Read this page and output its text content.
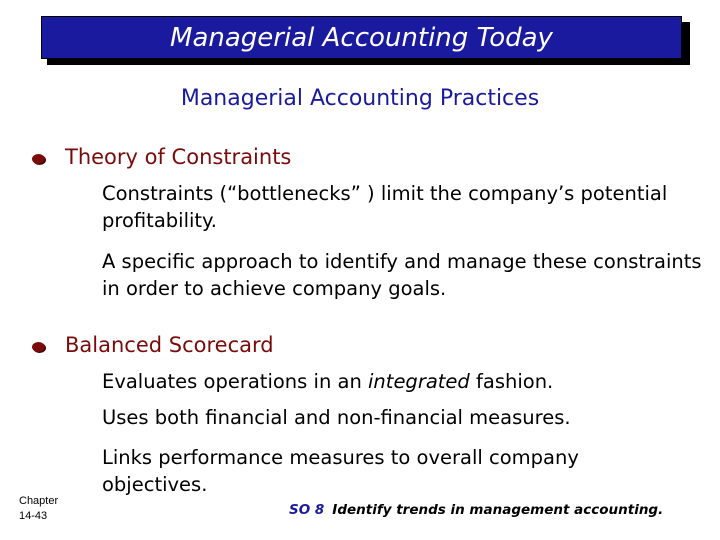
Managerial Accounting Today
Managerial Accounting Practices
Theory of Constraints

Constraints (“bottlenecks” ) limit the company’s potential profitability.

A specific approach to identify and manage these constraints in order to achieve company goals.

Balanced Scorecard

Evaluates operations in an integrated fashion.

Uses both financial and non-financial measures.

Links performance measures to overall company objectives.

Chapter
14-43	SO 8 Identify trends in management accounting.
